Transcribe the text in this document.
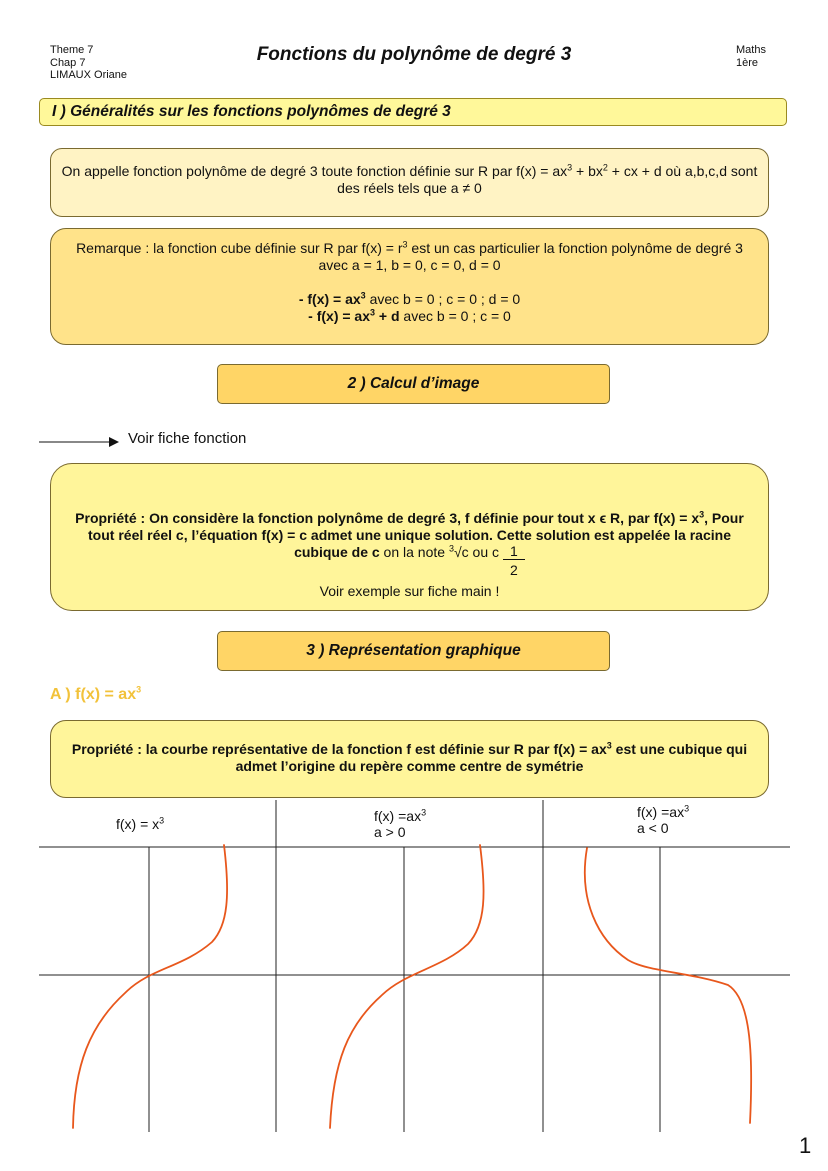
Theme 7
Chap 7
LIMAUX Oriane
Fonctions du polynôme de degré 3	Maths
1ère
I ) Généralités sur les fonctions polynômes de degré 3
On appelle fonction polynôme de degré 3 toute fonction définie sur R par $f(x) = ax^3 + bx^2$ + cx + d où a,b,c,d sont des réels tels que a ≠ 0

Remarque : la fonction cube définie sur R par $f(x) = r^3$ est un cas particulier la fonction polynôme de degré 3 avec a = 1, b = 0, c = 0, d = 0

- $f(x) = ax^3$ avec b = 0 ; c = 0 ; d = 0

- $f(x) = ax^3 + d$ avec b = 0 ; c = 0

2 ) Calcul d’image
Voir fiche fonction
Propriété : On considère la fonction polynôme de degré 3, f définie pour tout x ϵ R, par $f(x) = x^3$, Pour tout réel réel c, l’équation f(x) = c admet une unique solution. Cette solution est appelée la racine cubique de c on la note $^3$√c ou c $\frac{1}{2}$
Voir exemple sur fiche main !
3 ) Représentation graphique
A ) $f(x) = ax^3$
Propriété : la courbe représentative de la fonction f est définie sur R par $f(x) = ax^3$ est une cubique qui admet l’origine du repère comme centre de symétrie
$f(x) = x^3$	$f(x) =ax^3$
a > 0
$f(x) =ax^3$
a < 0
1
